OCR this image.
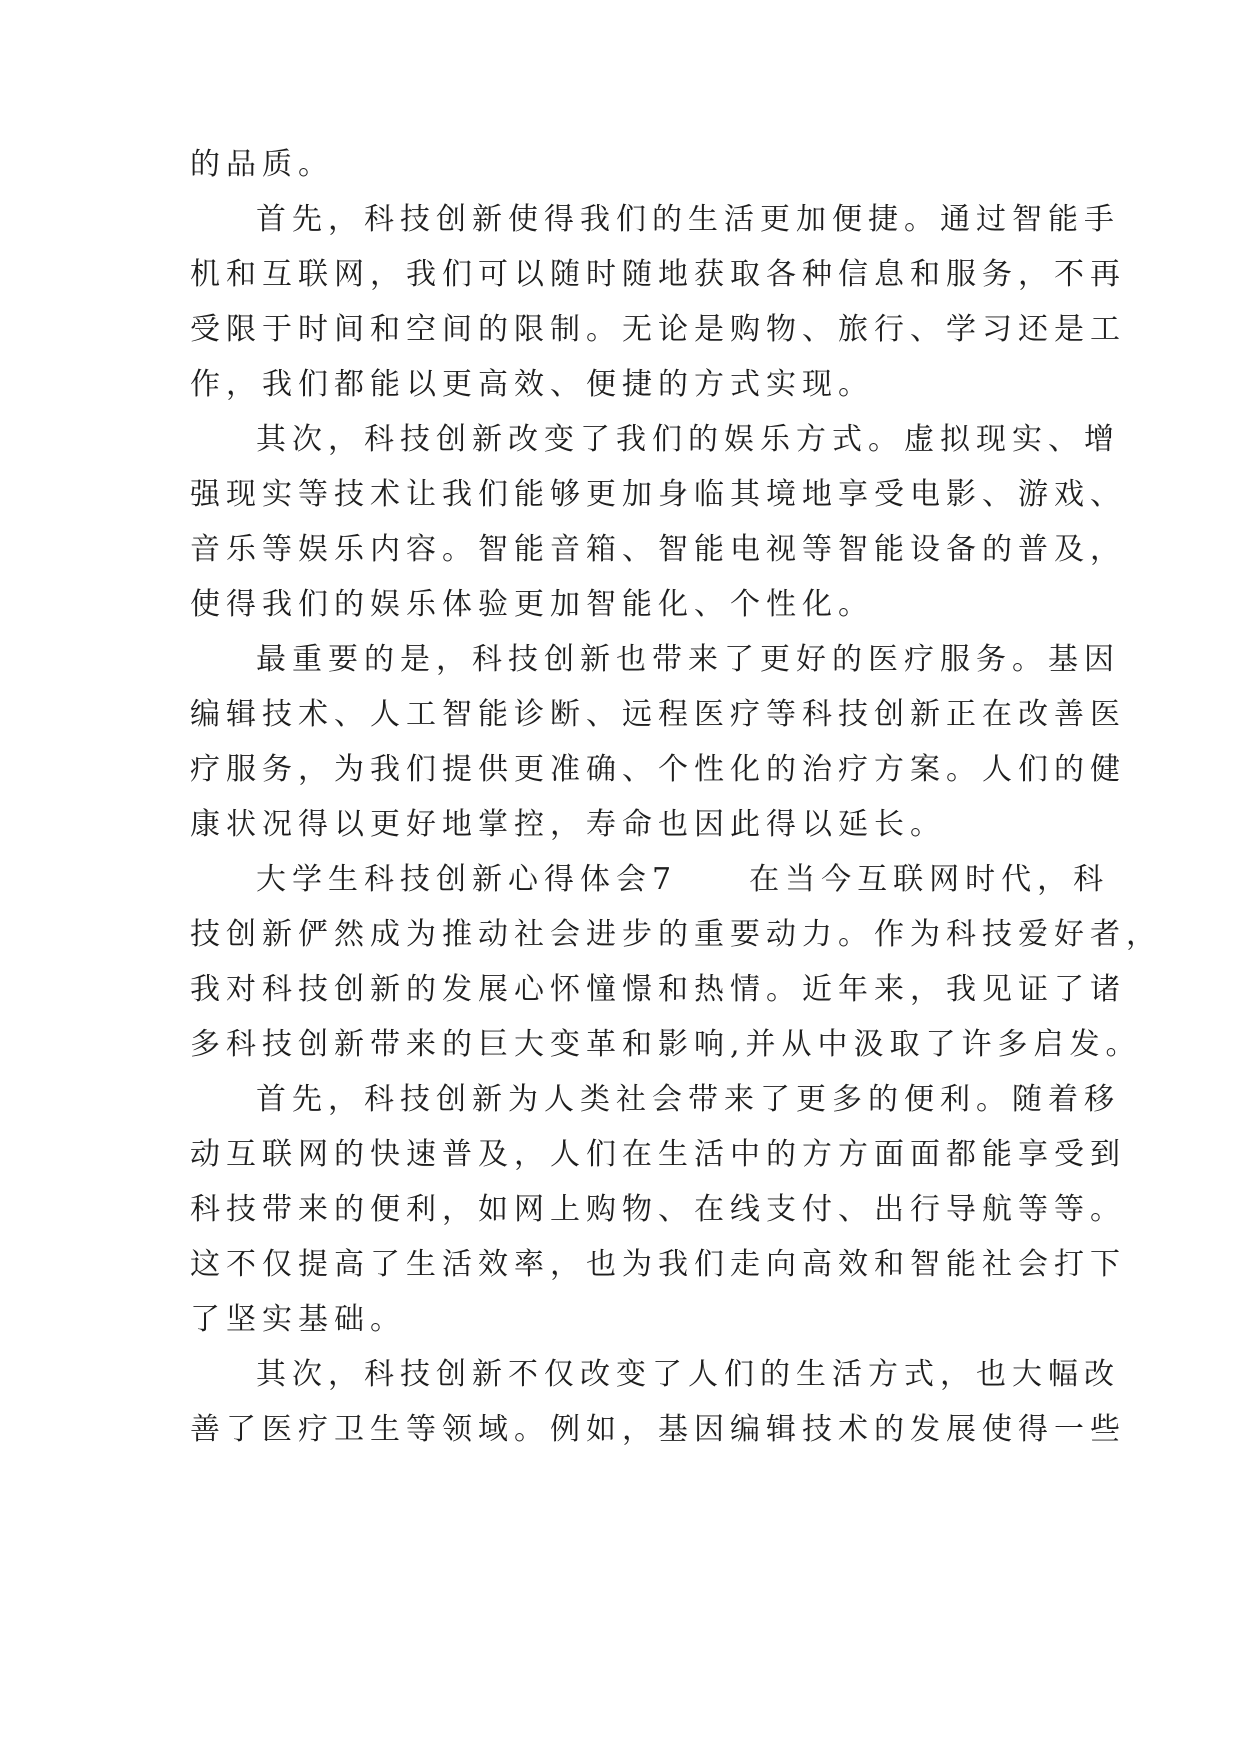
的品质。
首先，科技创新使得我们的生活更加便捷。通过智能手
机和互联网，我们可以随时随地获取各种信息和服务，不再
受限于时间和空间的限制。无论是购物、旅行、学习还是工
作，我们都能以更高效、便捷的方式实现。
其次，科技创新改变了我们的娱乐方式。虚拟现实、增
强现实等技术让我们能够更加身临其境地享受电影、游戏、
音乐等娱乐内容。智能音箱、智能电视等智能设备的普及，
使得我们的娱乐体验更加智能化、个性化。
最重要的是，科技创新也带来了更好的医疗服务。基因
编辑技术、人工智能诊断、远程医疗等科技创新正在改善医
疗服务，为我们提供更准确、个性化的治疗方案。人们的健
康状况得以更好地掌控，寿命也因此得以延长。
大学生科技创新心得体会7　　在当今互联网时代，科
技创新俨然成为推动社会进步的重要动力。作为科技爱好者，
我对科技创新的发展心怀憧憬和热情。近年来，我见证了诸
多科技创新带来的巨大变革和影响,并从中汲取了许多启发。
首先，科技创新为人类社会带来了更多的便利。随着移
动互联网的快速普及，人们在生活中的方方面面都能享受到
科技带来的便利，如网上购物、在线支付、出行导航等等。
这不仅提高了生活效率，也为我们走向高效和智能社会打下
了坚实基础。
其次，科技创新不仅改变了人们的生活方式，也大幅改
善了医疗卫生等领域。例如，基因编辑技术的发展使得一些
